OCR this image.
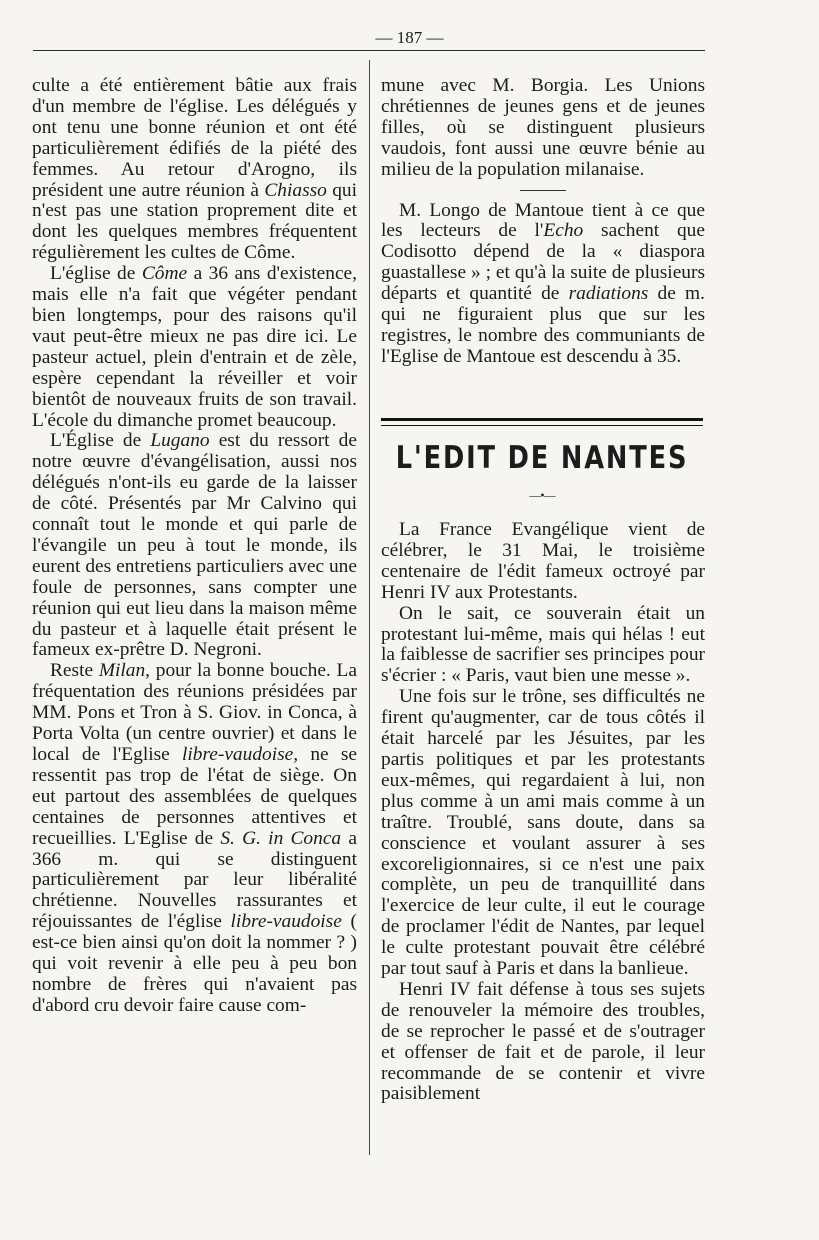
— 187 —

culte a été entièrement bâtie aux frais d'un membre de l'église. Les délégués y ont tenu une bonne réunion et ont été particulièrement édifiés de la piété des femmes. Au retour d'Arogno, ils président une autre réunion à Chiasso qui n'est pas une station proprement dite et dont les quelques membres fréquentent régulièrement les cultes de Côme.

L'église de Côme a 36 ans d'existence, mais elle n'a fait que végéter pendant bien longtemps, pour des raisons qu'il vaut peut-être mieux ne pas dire ici. Le pasteur actuel, plein d'entrain et de zèle, espère cependant la réveiller et voir bientôt de nouveaux fruits de son travail. L'école du dimanche promet beaucoup.

L'Église de Lugano est du ressort de notre œuvre d'évangélisation, aussi nos délégués n'ont-ils eu garde de la laisser de côté. Présentés par Mr Calvino qui connaît tout le monde et qui parle de l'évangile un peu à tout le monde, ils eurent des entretiens particuliers avec une foule de personnes, sans compter une réunion qui eut lieu dans la maison même du pasteur et à laquelle était présent le fameux ex-prêtre D. Negroni.

Reste Milan, pour la bonne bouche. La fréquentation des réunions présidées par MM. Pons et Tron à S. Giov. in Conca, à Porta Volta (un centre ouvrier) et dans le local de l'Eglise libre-vaudoise, ne se ressentit pas trop de l'état de siège. On eut partout des assemblées de quelques centaines de personnes attentives et recueillies. L'Eglise de S. G. in Conca a 366 m. qui se distinguent particulièrement par leur libéralité chrétienne. Nouvelles rassurantes et réjouissantes de l'église libre-vaudoise ( est-ce bien ainsi qu'on doit la nommer ? ) qui voit revenir à elle peu à peu bon nombre de frères qui n'avaient pas d'abord cru devoir faire cause com-

mune avec M. Borgia. Les Unions chrétiennes de jeunes gens et de jeunes filles, où se distinguent plusieurs vaudois, font aussi une œuvre bénie au milieu de la population milanaise.

M. Longo de Mantoue tient à ce que les lecteurs de l'Echo sachent que Codisotto dépend de la « diaspora guastallese » ; et qu'à la suite de plusieurs départs et quantité de radiations de m. qui ne figuraient plus que sur les registres, le nombre des communiants de l'Eglise de Mantoue est descendu à 35.

L'EDIT DE NANTES
—•—

La France Evangélique vient de célébrer, le 31 Mai, le troisième centenaire de l'édit fameux octroyé par Henri IV aux Protestants.

On le sait, ce souverain était un protestant lui-même, mais qui hélas ! eut la faiblesse de sacrifier ses principes pour s'écrier : « Paris, vaut bien une messe ».

Une fois sur le trône, ses difficultés ne firent qu'augmenter, car de tous côtés il était harcelé par les Jésuites, par les partis politiques et par les protestants eux-mêmes, qui regardaient à lui, non plus comme à un ami mais comme à un traître. Troublé, sans doute, dans sa conscience et voulant assurer à ses excoreligionnaires, si ce n'est une paix complète, un peu de tranquillité dans l'exercice de leur culte, il eut le courage de proclamer l'édit de Nantes, par lequel le culte protestant pouvait être célébré par tout sauf à Paris et dans la banlieue.

Henri IV fait défense à tous ses sujets de renouveler la mémoire des troubles, de se reprocher le passé et de s'outrager et offenser de fait et de parole, il leur recommande de se contenir et vivre paisiblement
